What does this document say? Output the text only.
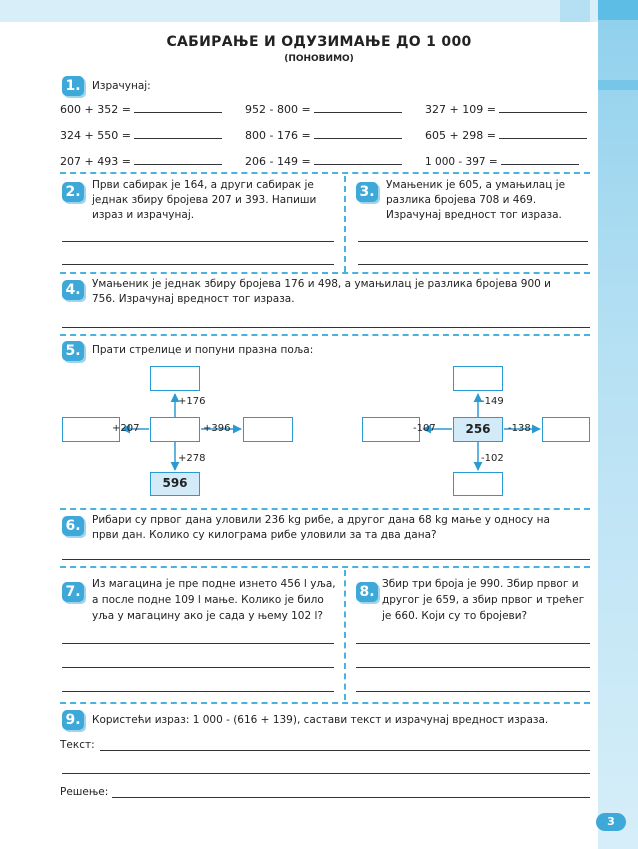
САБИРАЊЕ И ОДУЗИМАЊЕ ДО 1 000
(ПОНОВИМО)
1.	Израчунај:
600 + 352 =	952 - 800 =	327 + 109 =
324 + 550 =	800 - 176 =	605 + 298 =
207 + 493 =	206 - 149 =	1 000 - 397 =
2.	Први сабирак је 164, а други сабирак је
једнак збиру бројева 207 и 393. Напиши
израз и израчунај.
3.	Умањеник је 605, а умањилац је
разлика бројева 708 и 469.
Израчунај вредност тог израза.
4.	Умањеник је једнак збиру бројева 176 и 498, а умањилац је разлика бројева 900 и
756. Израчунај вредност тог израза.
5.	Прати стрелице и попуни празна поља:
596
+176
+207	+396
+278
256
-149
-107	-138
-102
6.	Рибари су првог дана уловили 236 kg рибе, а другог дана 68 kg мање у односу на
први дан. Колико су килограма рибе уловили за та два дана?
7.	Из магацина је пре подне изнето 456 l уља,
а после подне 109 l мање. Колико је било
уља у магацину ако је сада у њему 102 l?
8. Збир три броја је 990. Збир првог и
другог је 659, а збир првог и трећег
је 660. Који су то бројеви?
9.	Користећи израз: 1 000 - (616 + 139), састави текст и израчунај вредност израза.
Текст:
Решење:
3
